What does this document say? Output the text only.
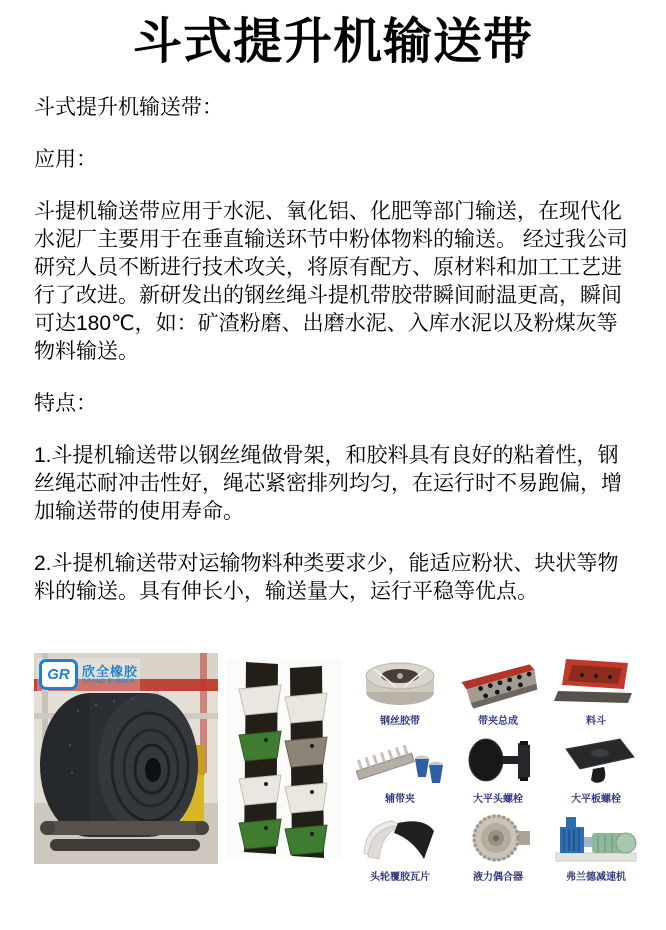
斗式提升机输送带

斗式提升机输送带：

应用：

斗提机输送带应用于水泥、氧化铝、化肥等部门输送，在现代化水泥厂主要用于在垂直输送环节中粉体物料的输送。 经过我公司研究人员不断进行技术攻关，将原有配方、原材料和加工工艺进行了改进。新研发出的钢丝绳斗提机带胶带瞬间耐温更高，瞬间可达180℃，如：矿渣粉磨、出磨水泥、入库水泥以及粉煤灰等物料输送。

特点：

1.斗提机输送带以钢丝绳做骨架，和胶料具有良好的粘着性，钢丝绳芯耐冲击性好，绳芯紧密排列均匀，在运行时不易跑偏，增加输送带的使用寿命。

2.斗提机输送带对运输物料种类要求少，能适应粉状、块状等物料的输送。具有伸长小，输送量大，运行平稳等优点。

GR 欣全橡胶
GRAND RUBBER
钢丝胶带	带夹总成	料斗
辅带夹	大平头螺栓	大平板螺栓
头轮覆胶瓦片	液力偶合器	弗兰德减速机
